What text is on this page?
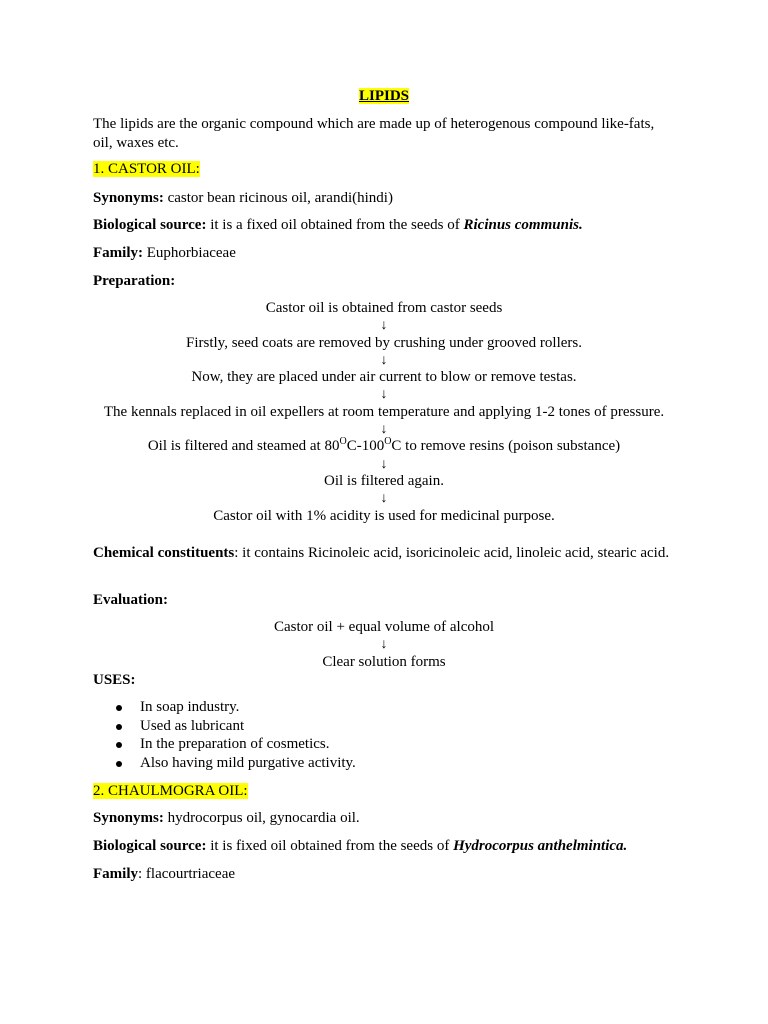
LIPIDS
The lipids are the organic compound which are made up of heterogenous compound like-fats, oil, waxes etc.
1. CASTOR OIL:
Synonyms: castor bean ricinous oil, arandi(hindi)
Biological source: it is a fixed oil obtained from the seeds of Ricinus communis.
Family: Euphorbiaceae
Preparation:
Castor oil is obtained from castor seeds
↓
Firstly, seed coats are removed by crushing under grooved rollers.
↓
Now, they are placed under air current to blow or remove testas.
↓
The kennals replaced in oil expellers at room temperature and applying 1-2 tones of pressure.
↓
Oil is filtered and steamed at $80^OC-100^OC$ to remove resins (poison substance)
↓
Oil is filtered again.
↓
Castor oil with 1% acidity is used for medicinal purpose.
Chemical constituents: it contains Ricinoleic acid, isoricinoleic acid, linoleic acid, stearic acid.
Evaluation:
Castor oil + equal volume of alcohol
↓
Clear solution forms
USES:
In soap industry.
Used as lubricant
In the preparation of cosmetics.
Also having mild purgative activity.
2. CHAULMOGRA OIL:
Synonyms: hydrocorpus oil, gynocardia oil.
Biological source: it is fixed oil obtained from the seeds of Hydrocorpus anthelmintica.
Family: flacourtriaceae
